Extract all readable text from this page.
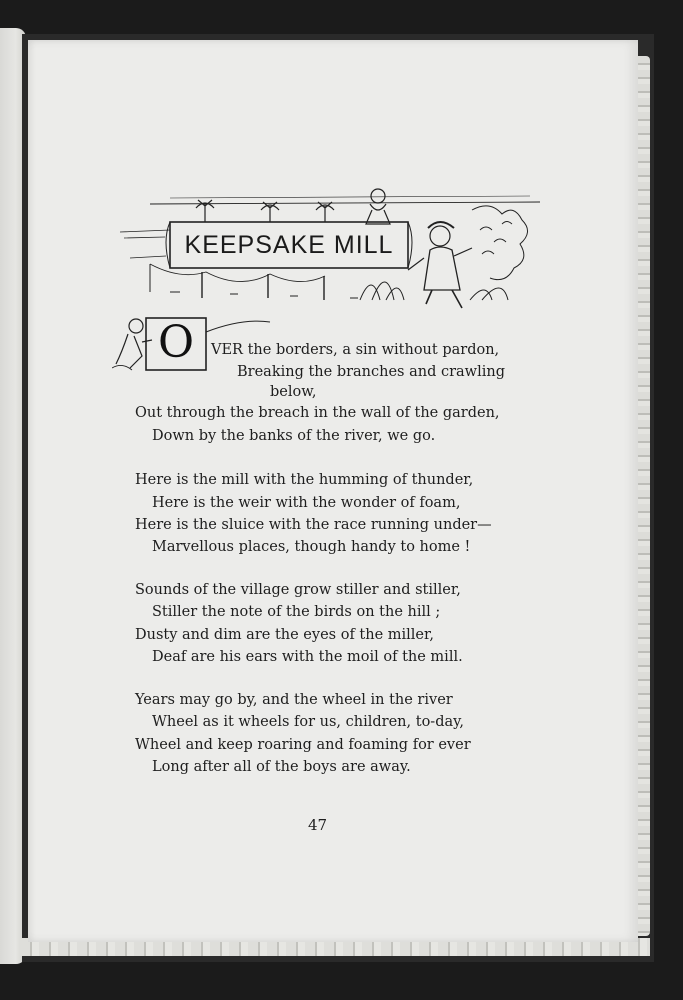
KEEPSAKE MILL
O	VER the borders, a sin without pardon,
Breaking the branches and crawling
below,
Out through the breach in the wall of the garden,
Down by the banks of the river, we go.
Here is the mill with the humming of thunder,
Here is the weir with the wonder of foam,
Here is the sluice with the race running under—
Marvellous places, though handy to home !
Sounds of the village grow stiller and stiller,
Stiller the note of the birds on the hill ;
Dusty and dim are the eyes of the miller,
Deaf are his ears with the moil of the mill.
Years may go by, and the wheel in the river
Wheel as it wheels for us, children, to-day,
Wheel and keep roaring and foaming for ever
Long after all of the boys are away.
47
